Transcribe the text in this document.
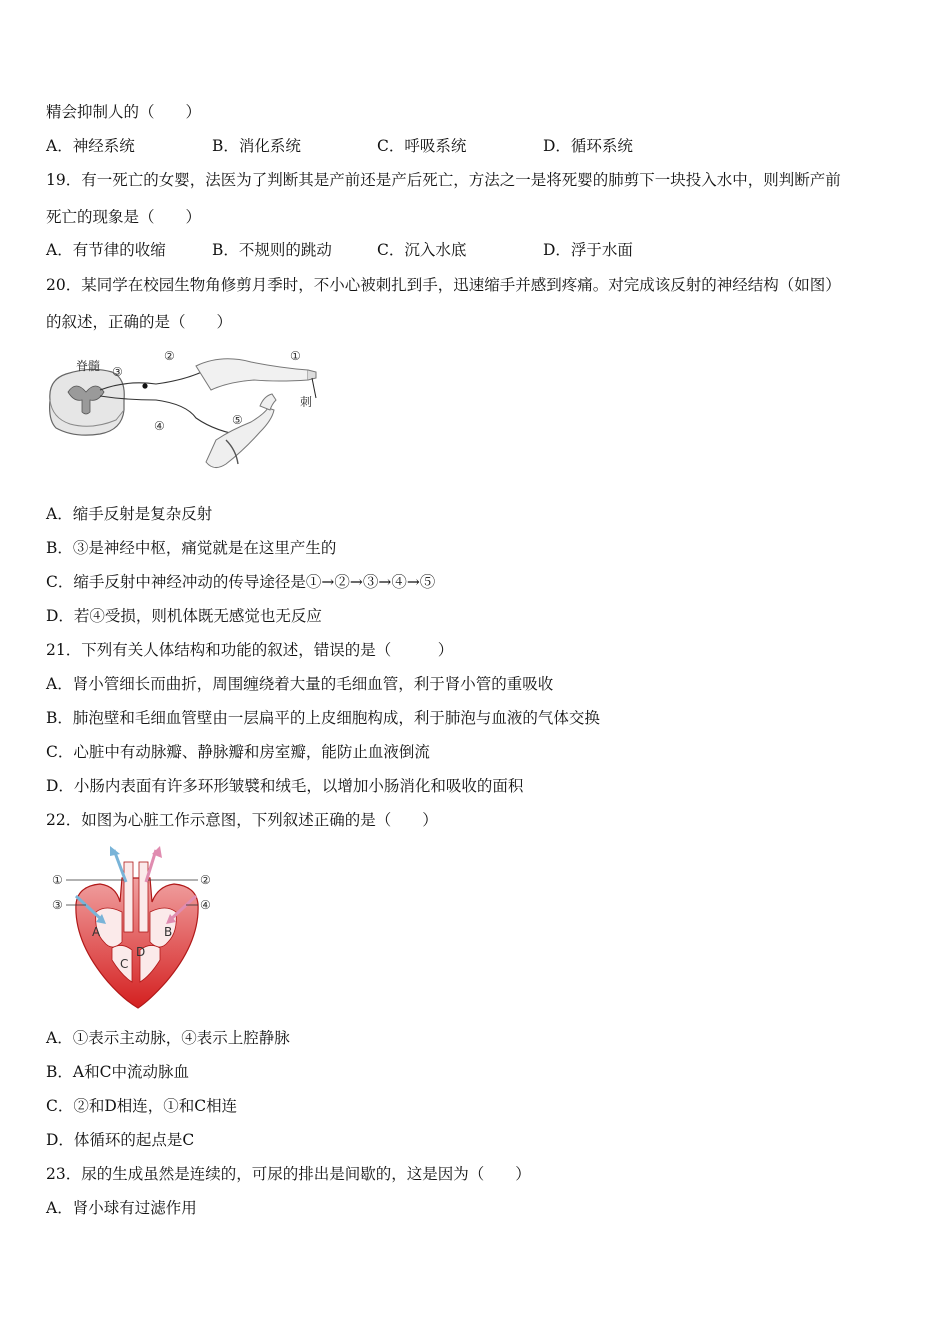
精会抑制人的（　　）
A．神经系统	B．消化系统	C．呼吸系统	D．循环系统
19．有一死亡的女婴，法医为了判断其是产前还是产后死亡，方法之一是将死婴的肺剪下一块投入水中，则判断产前
死亡的现象是（　　）
A．有节律的收缩	B．不规则的跳动	C．沉入水底	D．浮于水面
20．某同学在校园生物角修剪月季时，不小心被刺扎到手，迅速缩手并感到疼痛。对完成该反射的神经结构（如图）
的叙述，正确的是（　　）
脊髓 ③
②	①
刺
④	⑤
A．缩手反射是复杂反射
B．③是神经中枢，痛觉就是在这里产生的
C．缩手反射中神经冲动的传导途径是①→②→③→④→⑤
D．若④受损，则机体既无感觉也无反应
21．下列有关人体结构和功能的叙述，错误的是（　　　）
A．肾小管细长而曲折，周围缠绕着大量的毛细血管，利于肾小管的重吸收
B．肺泡壁和毛细血管壁由一层扁平的上皮细胞构成，利于肺泡与血液的气体交换
C．心脏中有动脉瓣、静脉瓣和房室瓣，能防止血液倒流
D．小肠内表面有许多环形皱襞和绒毛，以增加小肠消化和吸收的面积
22．如图为心脏工作示意图，下列叙述正确的是（　　）
①	②
③	④
A	B
C
D
A．①表示主动脉，④表示上腔静脉
B．A和C中流动脉血
C．②和D相连，①和C相连
D．体循环的起点是C
23．尿的生成虽然是连续的，可尿的排出是间歇的，这是因为（　　）
A．肾小球有过滤作用
